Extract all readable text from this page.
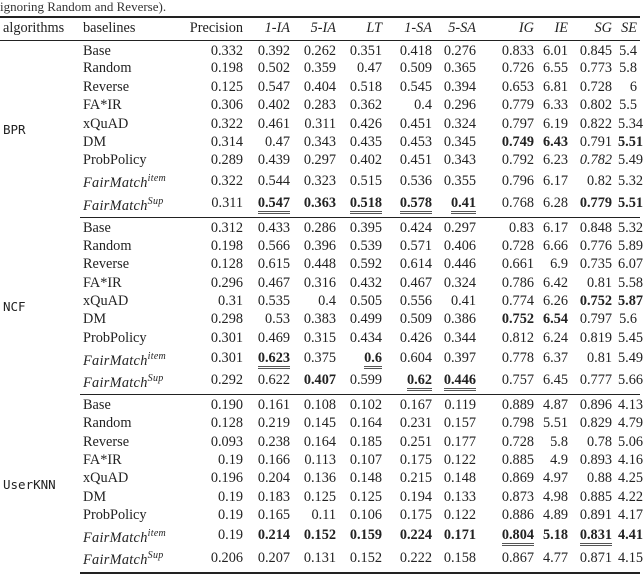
ignoring Random and Reverse).
algorithms	baselines	Precision	1-IA	5-IA	LT	1-SA	5-SA	IG	IE	SG	SE
BPR	Base	0.332	0.392	0.262	0.351	0.418	0.276	0.833	6.01	0.845	5.4
	Random	0.198	0.502	0.359	0.47	0.509	0.365	0.726	6.55	0.773	5.8
	Reverse	0.125	0.547	0.404	0.518	0.545	0.394	0.653	6.81	0.728	6
	FA*IR	0.306	0.402	0.283	0.362	0.4	0.296	0.779	6.33	0.802	5.5
	xQuAD	0.322	0.461	0.311	0.426	0.451	0.324	0.797	6.19	0.822	5.34
	DM	0.314	0.47	0.343	0.435	0.453	0.345	0.749	6.43	0.791	5.51
	ProbPolicy	0.289	0.439	0.297	0.402	0.451	0.343	0.792	6.23	0.782	5.49
	FairMatch$^{item}$	0.322	0.544	0.323	0.515	0.536	0.355	0.796	6.17	0.82	5.32
	FairMatch$^{Sup}$	0.311	0.547	0.363	0.518	0.578	0.41	0.768	6.28	0.779	5.51
NCF	Base	0.312	0.433	0.286	0.395	0.424	0.297	0.83	6.17	0.848	5.32
	Random	0.198	0.566	0.396	0.539	0.571	0.406	0.728	6.66	0.776	5.89
	Reverse	0.128	0.615	0.448	0.592	0.614	0.446	0.661	6.9	0.735	6.07
	FA*IR	0.296	0.467	0.316	0.432	0.467	0.324	0.786	6.42	0.81	5.58
	xQuAD	0.31	0.535	0.4	0.505	0.556	0.41	0.774	6.26	0.752	5.87
	DM	0.298	0.53	0.383	0.499	0.509	0.386	0.752	6.54	0.797	5.6
	ProbPolicy	0.301	0.469	0.315	0.434	0.426	0.344	0.812	6.24	0.819	5.45
	FairMatch$^{item}$	0.301	0.623	0.375	0.6	0.604	0.397	0.778	6.37	0.81	5.49
	FairMatch$^{Sup}$	0.292	0.622	0.407	0.599	0.62	0.446	0.757	6.45	0.777	5.66
UserKNN	Base	0.190	0.161	0.108	0.102	0.167	0.119	0.889	4.87	0.896	4.13
	Random	0.128	0.219	0.145	0.164	0.231	0.157	0.798	5.51	0.829	4.79
	Reverse	0.093	0.238	0.164	0.185	0.251	0.177	0.728	5.8	0.78	5.06
	FA*IR	0.19	0.166	0.113	0.107	0.175	0.122	0.885	4.9	0.893	4.16
	xQuAD	0.196	0.204	0.136	0.148	0.215	0.148	0.869	4.97	0.88	4.25
	DM	0.19	0.183	0.125	0.125	0.194	0.133	0.873	4.98	0.885	4.22
	ProbPolicy	0.19	0.165	0.11	0.106	0.175	0.122	0.886	4.89	0.891	4.17
	FairMatch$^{item}$	0.19	0.214	0.152	0.159	0.224	0.171	0.804	5.18	0.831	4.41
	FairMatch$^{Sup}$	0.206	0.207	0.131	0.152	0.222	0.158	0.867	4.77	0.871	4.15
